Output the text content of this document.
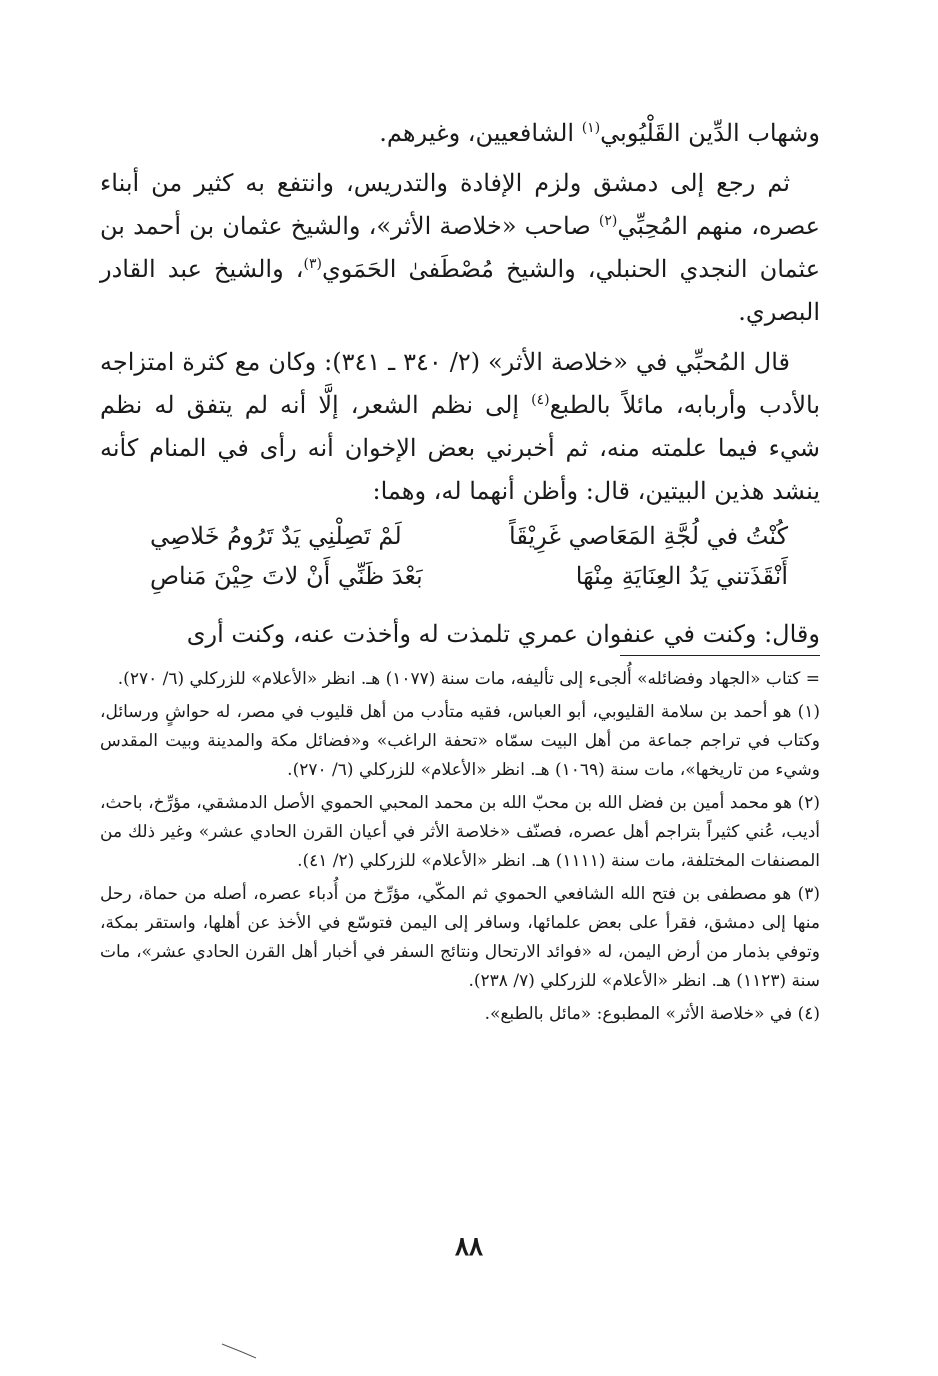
وشهاب الدِّين القَلْيُوبي$^{(١)}$ الشافعيين، وغيرهم.

ثم رجع إلى دمشق ولزم الإفادة والتدريس، وانتفع به كثير من أبناء عصره، منهم المُحِبِّي$^{(٢)}$ صاحب «خلاصة الأثر»، والشيخ عثمان بن أحمد بن عثمان النجدي الحنبلي، والشيخ مُصْطَفىٰ الحَمَوي$^{(٣)}$، والشيخ عبد القادر البصري.

قال المُحبِّي في «خلاصة الأثر» (٢/ ٣٤٠ ـ ٣٤١): وكان مع كثرة امتزاجه بالأدب وأربابه، مائلاً بالطبع$^{(٤)}$ إلى نظم الشعر، إلَّا أنه لم يتفق له نظم شيء فيما علمته منه، ثم أخبرني بعض الإخوان أنه رأى في المنام كأنه ينشد هذين البيتين، قال: وأظن أنهما له، وهما:

كُنْتُ في لُجَّةِ المَعَاصي غَرِيْقَاً
لَمْ تَصِلْنِي يَدٌ تَرُومُ خَلاصِي
أَنْقَذَتني يَدُ العِنَايَةِ مِنْهَا
بَعْدَ ظَنِّي أَنْ لاتَ حِيْنَ مَناصِ
وقال: وكنت في عنفوان عمري تلمذت له وأخذت عنه، وكنت أرى

= كتاب «الجهاد وفضائله» أُلجىء إلى تأليفه، مات سنة (١٠٧٧) هـ. انظر «الأعلام» للزركلي (٦/ ٢٧٠).

(١) هو أحمد بن سلامة القليوبي، أبو العباس، فقيه متأدب من أهل قليوب في مصر، له حواشٍ ورسائل، وكتاب في تراجم جماعة من أهل البيت سمّاه «تحفة الراغب» و«فضائل مكة والمدينة وبيت المقدس وشيء من تاريخها»، مات سنة (١٠٦٩) هـ. انظر «الأعلام» للزركلي (٦/ ٢٧٠).

(٢) هو محمد أمين بن فضل الله بن محبّ الله بن محمد المحبي الحموي الأصل الدمشقي، مؤرِّخ، باحث، أديب، عُني كثيراً بتراجم أهل عصره، فصنّف «خلاصة الأثر في أعيان القرن الحادي عشر» وغير ذلك من المصنفات المختلفة، مات سنة (١١١١) هـ. انظر «الأعلام» للزركلي (٢/ ٤١).

(٣) هو مصطفى بن فتح الله الشافعي الحموي ثم المكّي، مؤرِّخ من أُدباء عصره، أصله من حماة، رحل منها إلى دمشق، فقرأ على بعض علمائها، وسافر إلى اليمن فتوسّع في الأخذ عن أهلها، واستقر بمكة، وتوفي بذمار من أرض اليمن، له «فوائد الارتحال ونتائج السفر في أخبار أهل القرن الحادي عشر»، مات سنة (١١٢٣) هـ. انظر «الأعلام» للزركلي (٧/ ٢٣٨).

(٤) في «خلاصة الأثر» المطبوع: «مائل بالطبع».

٨٨
